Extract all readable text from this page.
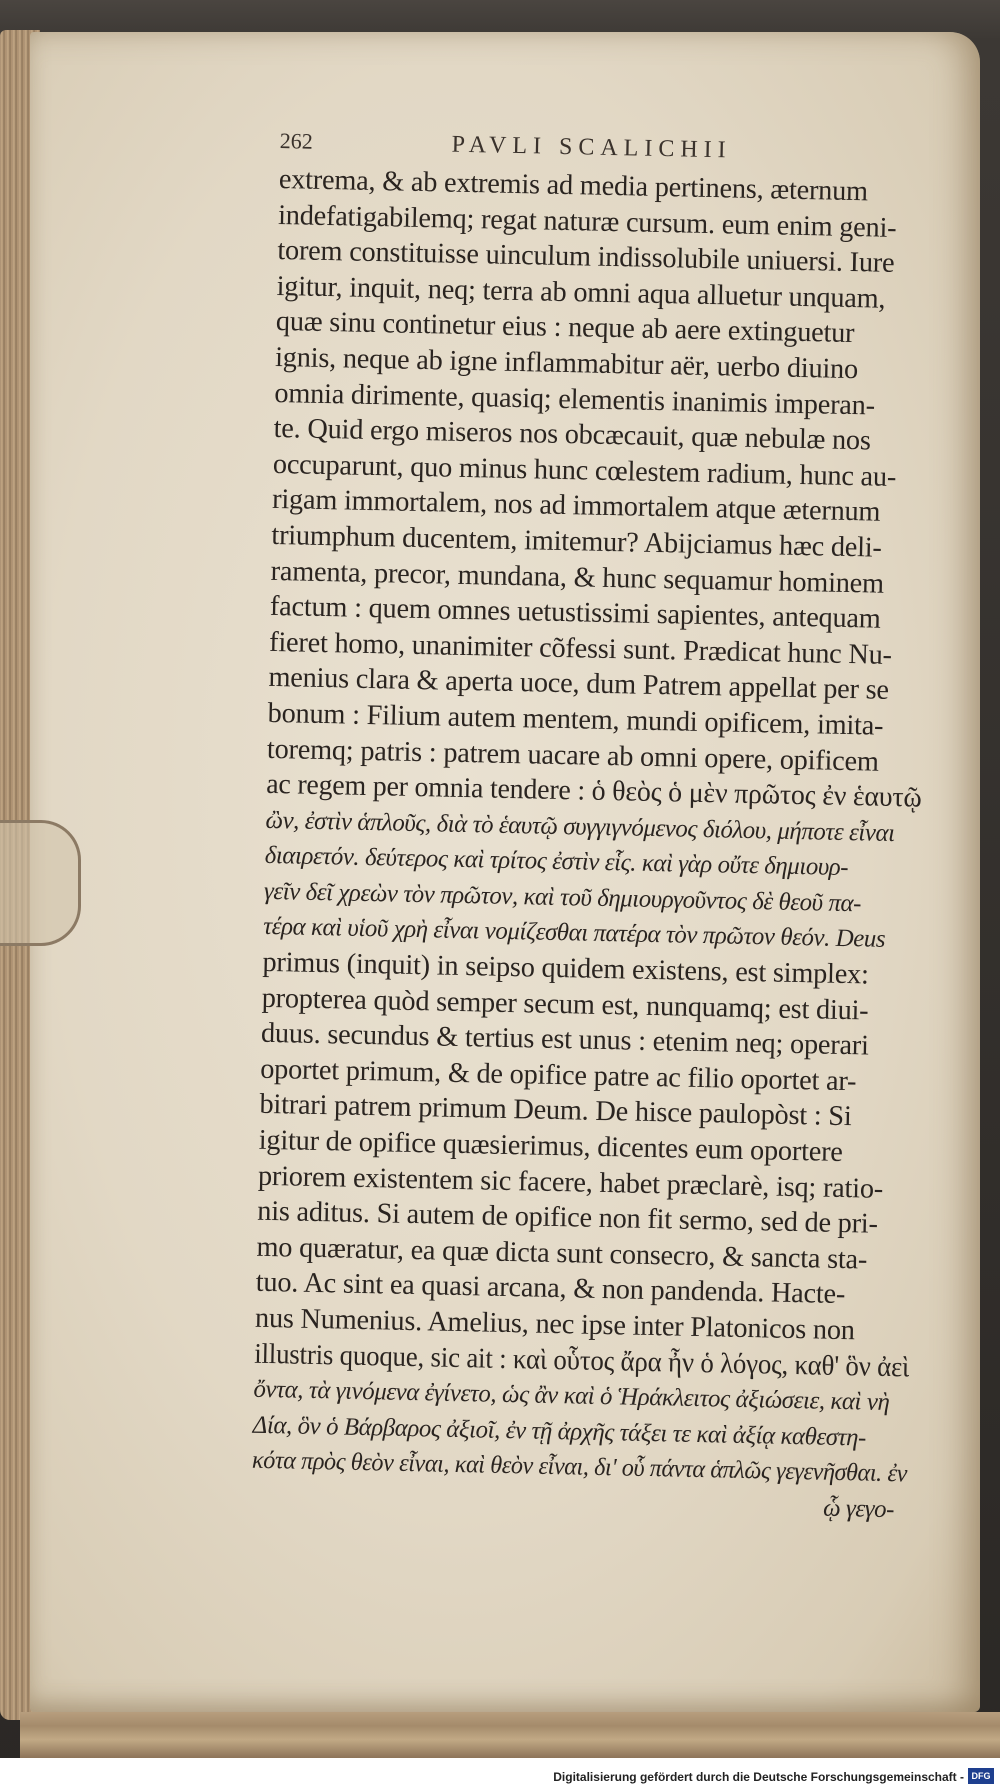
262	PAVLI SCALICHII
extrema, & ab extremis ad media pertinens, æternum
indefatigabilemq; regat naturæ cursum. eum enim geni-
torem constituisse uinculum indissolubile uniuersi. Iure
igitur, inquit, neq; terra ab omni aqua alluetur unquam,
quæ sinu continetur eius : neque ab aere extinguetur
ignis, neque ab igne inflammabitur aër, uerbo diuino
omnia dirimente, quasiq; elementis inanimis imperan-
te. Quid ergo miseros nos obcæcauit, quæ nebulæ nos
occuparunt, quo minus hunc cœlestem radium, hunc au-
rigam immortalem, nos ad immortalem atque æternum
triumphum ducentem, imitemur? Abijciamus hæc deli-
ramenta, precor, mundana, & hunc sequamur hominem
factum : quem omnes uetustissimi sapientes, antequam
fieret homo, unanimiter cõfessi sunt. Prædicat hunc Nu-
menius clara & aperta uoce, dum Patrem appellat per se
bonum : Filium autem mentem, mundi opificem, imita-
toremq; patris : patrem uacare ab omni opere, opificem
ac regem per omnia tendere : ὁ θεὸς ὁ μὲν πρῶτος ἐν ἑαυτῷ
ὢν, ἐστὶν ἁπλοῦς, διὰ τὸ ἑαυτῷ συγγιγνόμενος διόλου, μήποτε εἶναι
διαιρετόν. δεύτερος καὶ τρίτος ἐστὶν εἷς. καὶ γὰρ οὔτε δημιουρ-
γεῖν δεῖ χρεὼν τὸν πρῶτον, καὶ τοῦ δημιουργοῦντος δὲ θεοῦ πα-
τέρα καὶ υἱοῦ χρὴ εἶναι νομίζεσθαι πατέρα τὸν πρῶτον θεόν. Deus
primus (inquit) in seipso quidem existens, est simplex:
propterea quòd semper secum est, nunquamq; est diui-
duus. secundus & tertius est unus : etenim neq; operari
oportet primum, & de opifice patre ac filio oportet ar-
bitrari patrem primum Deum. De hisce paulopòst : Si
igitur de opifice quæsierimus, dicentes eum oportere
priorem existentem sic facere, habet præclarè, isq; ratio-
nis aditus. Si autem de opifice non fit sermo, sed de pri-
mo quæratur, ea quæ dicta sunt consecro, & sancta sta-
tuo. Ac sint ea quasi arcana, & non pandenda. Hacte-
nus Numenius. Amelius, nec ipse inter Platonicos non
illustris quoque, sic ait : καὶ οὗτος ἄρα ἦν ὁ λόγος, καθ' ὃν ἀεὶ
ὄντα, τὰ γινόμενα ἐγίνετο, ὡς ἂν καὶ ὁ Ἡράκλειτος ἀξιώσειε, καὶ νὴ
Δία, ὃν ὁ Βάρβαρος ἀξιοῖ, ἐν τῇ ἀρχῆς τάξει τε καὶ ἀξίᾳ καθεστη-
κότα πρὸς θεὸν εἶναι, καὶ θεὸν εἶναι, δι' οὗ πάντα ἁπλῶς γεγενῆσθαι. ἐν
ᾧ γεγο-
Digitalisierung gefördert durch die Deutsche Forschungsgemeinschaft - DFG
